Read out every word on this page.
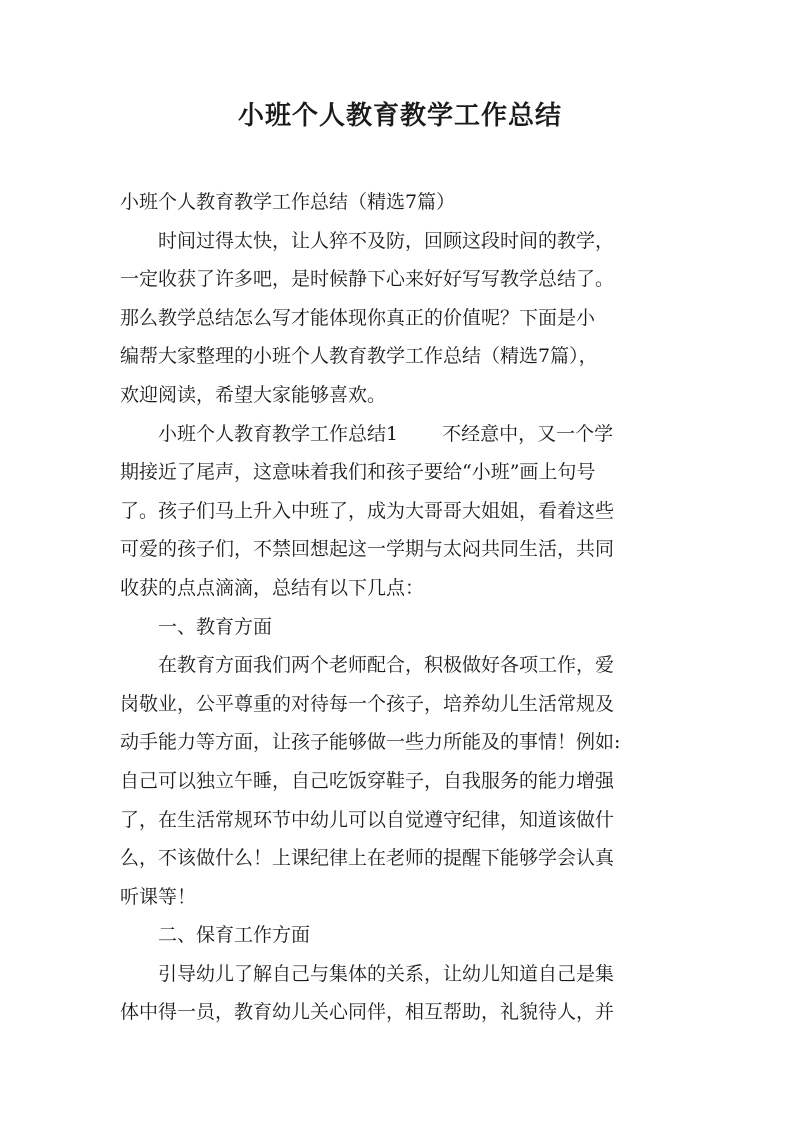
小班个人教育教学工作总结

小班个人教育教学工作总结（精选7篇）

时间过得太快，让人猝不及防，回顾这段时间的教学，

一定收获了许多吧，是时候静下心来好好写写教学总结了。

那么教学总结怎么写才能体现你真正的价值呢？下面是小

编帮大家整理的小班个人教育教学工作总结（精选7篇），

欢迎阅读，希望大家能够喜欢。

小班个人教育教学工作总结1 不经意中，又一个学

期接近了尾声，这意味着我们和孩子要给“小班”画上句号

了。孩子们马上升入中班了，成为大哥哥大姐姐，看着这些

可爱的孩子们，不禁回想起这一学期与太闷共同生活，共同

收获的点点滴滴，总结有以下几点：

一、教育方面

在教育方面我们两个老师配合，积极做好各项工作，爱

岗敬业，公平尊重的对待每一个孩子，培养幼儿生活常规及

动手能力等方面，让孩子能够做一些力所能及的事情！例如:

自己可以独立午睡，自己吃饭穿鞋子，自我服务的能力增强

了，在生活常规环节中幼儿可以自觉遵守纪律，知道该做什

么，不该做什么！上课纪律上在老师的提醒下能够学会认真

听课等！

二、保育工作方面

引导幼儿了解自己与集体的关系，让幼儿知道自己是集

体中得一员，教育幼儿关心同伴，相互帮助，礼貌待人，并
